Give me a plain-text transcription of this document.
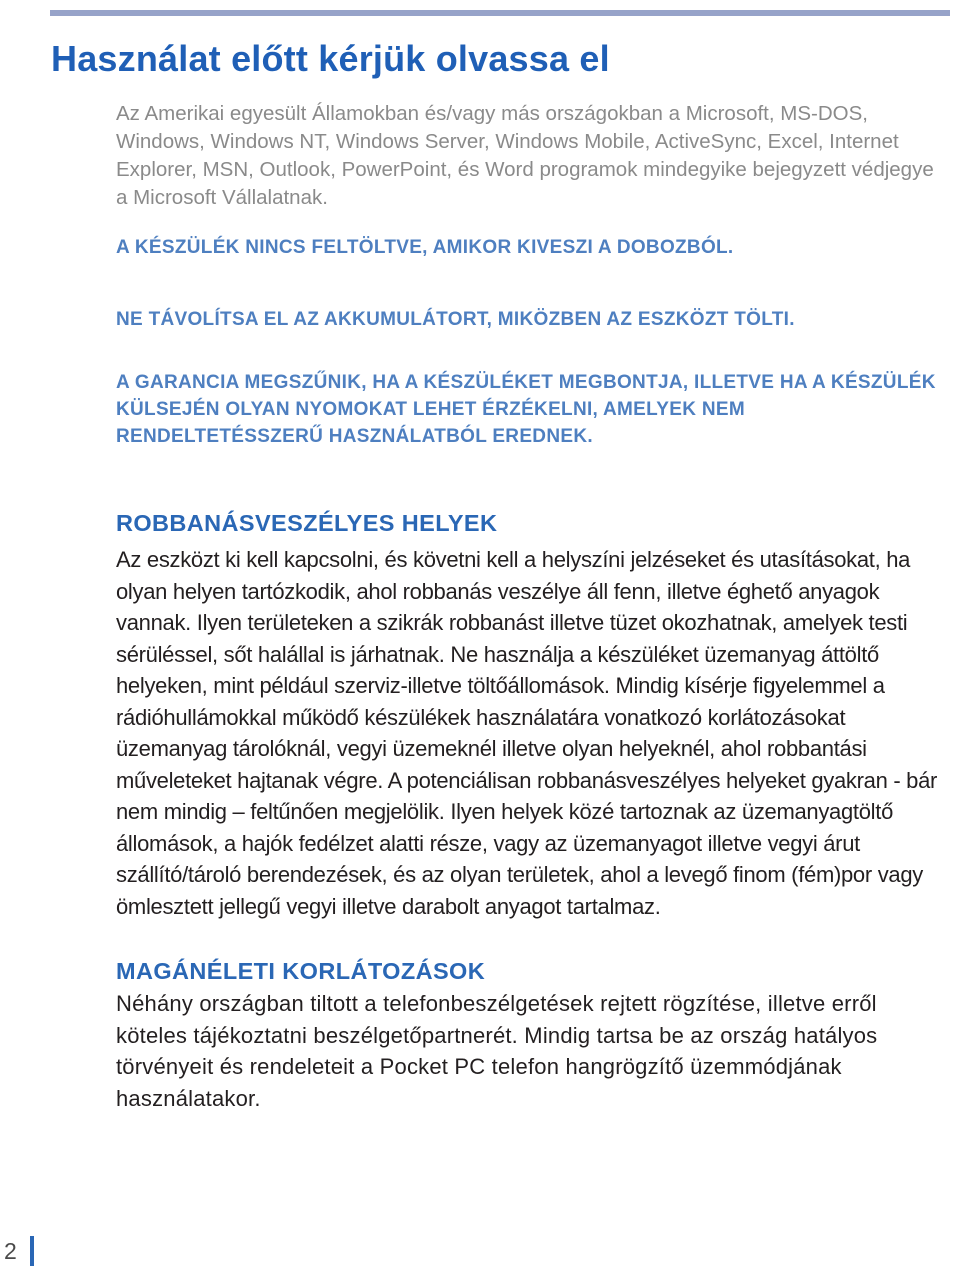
Használat előtt kérjük olvassa el

Az Amerikai egyesült Államokban és/vagy más országokban a Microsoft, MS-DOS, Windows, Windows NT, Windows Server, Windows Mobile, ActiveSync, Excel, Internet Explorer, MSN, Outlook, PowerPoint, és Word programok mindegyike bejegyzett védjegye a Microsoft Vállalatnak.

A KÉSZÜLÉK NINCS FELTÖLTVE, AMIKOR KIVESZI A DOBOZBÓL.

NE TÁVOLÍTSA EL AZ AKKUMULÁTORT, MIKÖZBEN AZ ESZKÖZT TÖLTI.

A GARANCIA MEGSZŰNIK, HA A KÉSZÜLÉKET MEGBONTJA, ILLETVE HA A KÉSZÜLÉK KÜLSEJÉN OLYAN NYOMOKAT LEHET ÉRZÉKELNI, AMELYEK NEM RENDELTETÉSSZERŰ HASZNÁLATBÓL EREDNEK.

ROBBANÁSVESZÉLYES HELYEK

Az eszközt ki kell kapcsolni, és követni kell a helyszíni jelzéseket és utasításokat, ha olyan helyen tartózkodik, ahol robbanás veszélye áll fenn, illetve éghető anyagok vannak. Ilyen területeken a szikrák robbanást illetve tüzet okozhatnak, amelyek testi sérüléssel, sőt halállal is járhatnak. Ne használja a készüléket üzemanyag áttöltő helyeken, mint például szerviz-illetve töltőállomások. Mindig kísérje figyelemmel a rádióhullámokkal működő készülékek használatára vonatkozó korlátozásokat üzemanyag tárolóknál, vegyi üzemeknél illetve olyan helyeknél, ahol robbantási műveleteket hajtanak végre. A potenciálisan robbanásveszélyes helyeket gyakran - bár nem mindig – feltűnően megjelölik. Ilyen helyek közé tartoznak az üzemanyagtöltő állomások, a hajók fedélzet alatti része, vagy az üzemanyagot illetve vegyi árut szállító/tároló berendezések, és az olyan területek, ahol a levegő finom (fém)por vagy ömlesztett jellegű vegyi illetve darabolt anyagot tartalmaz.

MAGÁNÉLETI KORLÁTOZÁSOK

Néhány országban tiltott a telefonbeszélgetések rejtett rögzítése, illetve erről köteles tájékoztatni beszélgetőpartnerét. Mindig tartsa be az ország hatályos törvényeit és rendeleteit a Pocket PC telefon hangrögzítő üzemmódjának használatakor.

2
